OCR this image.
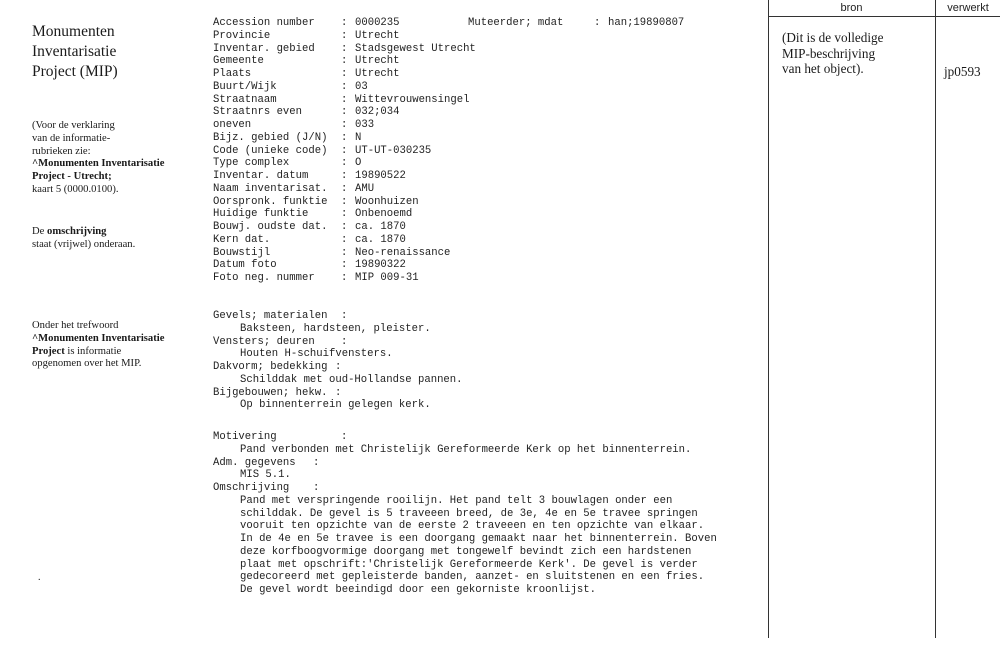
Monumenten
Inventarisatie
Project (MIP)
(Voor de verklaring
van de informatie-
rubrieken zie:
^Monumenten Inventarisatie
Project - Utrecht;
kaart 5 (0000.0100).
De omschrijving
staat (vrijwel) onderaan.
Onder het trefwoord
^Monumenten Inventarisatie
Project is informatie
opgenomen over het MIP.
.
Accession number : 0000235
Provincie	: Utrecht
Inventar. gebied : Stadsgewest Utrecht
Gemeente	: Utrecht
Plaats	: Utrecht
Buurt/Wijk	: 03
Straatnaam	: Wittevrouwensingel
Straatnrs even	: 032;034
oneven	: 033
Bijz. gebied (J/N) : N
Code (unieke code) : UT-UT-030235
Type complex	: O
Inventar. datum	: 19890522
Naam inventarisat. : AMU
Oorspronk. funktie : Woonhuizen
Huidige funktie	: Onbenoemd
Bouwj. oudste dat. : ca. 1870
Kern dat.	: ca. 1870
Bouwstijl	: Neo-renaissance
Datum foto	: 19890322
Foto neg. nummer : MIP 009-31
Muteerder; mdat	: han;19890807
Gevels; materialen :
Baksteen, hardsteen, pleister.
Vensters; deuren :
Houten H-schuifvensters.
Dakvorm; bedekking :
Schilddak met oud-Hollandse pannen.
Bijgebouwen; hekw. :
Op binnenterrein gelegen kerk.
Motivering	:
Pand verbonden met Christelijk Gereformeerde Kerk op het binnenterrein.
Adm. gegevens :
MIS 5.1.
Omschrijving :
Pand met verspringende rooilijn. Het pand telt 3 bouwlagen onder een
schilddak. De gevel is 5 traveeen breed, de 3e, 4e en 5e travee springen
vooruit ten opzichte van de eerste 2 traveeen en ten opzichte van elkaar.
In de 4e en 5e travee is een doorgang gemaakt naar het binnenterrein. Boven
deze korfboogvormige doorgang met tongewelf bevindt zich een hardstenen
plaat met opschrift:'Christelijk Gereformeerde Kerk'. De gevel is verder
gedecoreerd met gepleisterde banden, aanzet- en sluitstenen en een fries.
De gevel wordt beeindigd door een gekorniste kroonlijst.
bron	verwerkt
(Dit is de volledige
MIP-beschrijving
van het object).	jp0593
